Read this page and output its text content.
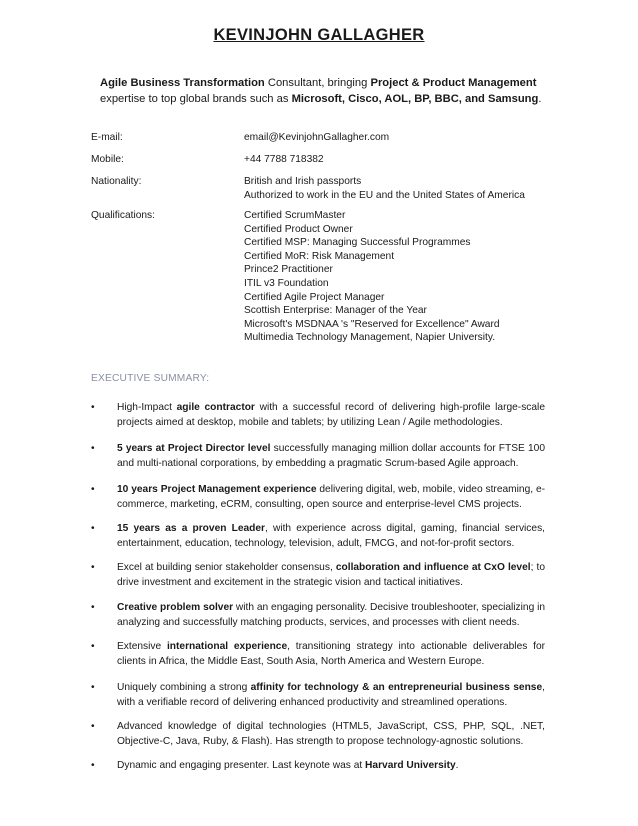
KEVINJOHN GALLAGHER
Agile Business Transformation Consultant, bringing Project & Product Management expertise to top global brands such as Microsoft, Cisco, AOL, BP, BBC, and Samsung.
E-mail:	email@KevinjohnGallagher.com
Mobile:	+44 7788 718382
Nationality:	British and Irish passports
Authorized to work in the EU and the United States of America
Qualifications:	Certified ScrumMaster
Certified Product Owner
Certified MSP: Managing Successful Programmes
Certified MoR: Risk Management
Prince2 Practitioner
ITIL v3 Foundation
Certified Agile Project Manager
Scottish Enterprise: Manager of the Year
Microsoft's MSDNAA 's "Reserved for Excellence" Award
Multimedia Technology Management, Napier University.
EXECUTIVE SUMMARY:
• High-Impact agile contractor with a successful record of delivering high-profile large-scale projects aimed at desktop, mobile and tablets; by utilizing Lean / Agile methodologies.
• 5 years at Project Director level successfully managing million dollar accounts for FTSE 100 and multi-national corporations, by embedding a pragmatic Scrum-based Agile approach.
• 10 years Project Management experience delivering digital, web, mobile, video streaming, e-commerce, marketing, eCRM, consulting, open source and enterprise-level CMS projects.
• 15 years as a proven Leader, with experience across digital, gaming, financial services, entertainment, education, technology, television, adult, FMCG, and not-for-profit sectors.
• Excel at building senior stakeholder consensus, collaboration and influence at CxO level; to drive investment and excitement in the strategic vision and tactical initiatives.
• Creative problem solver with an engaging personality. Decisive troubleshooter, specializing in analyzing and successfully matching products, services, and processes with client needs.
• Extensive international experience, transitioning strategy into actionable deliverables for clients in Africa, the Middle East, South Asia, North America and Western Europe.
• Uniquely combining a strong affinity for technology & an entrepreneurial business sense, with a verifiable record of delivering enhanced productivity and streamlined operations.
• Advanced knowledge of digital technologies (HTML5, JavaScript, CSS, PHP, SQL, .NET, Objective-C, Java, Ruby, & Flash). Has strength to propose technology-agnostic solutions.
• Dynamic and engaging presenter. Last keynote was at Harvard University.
